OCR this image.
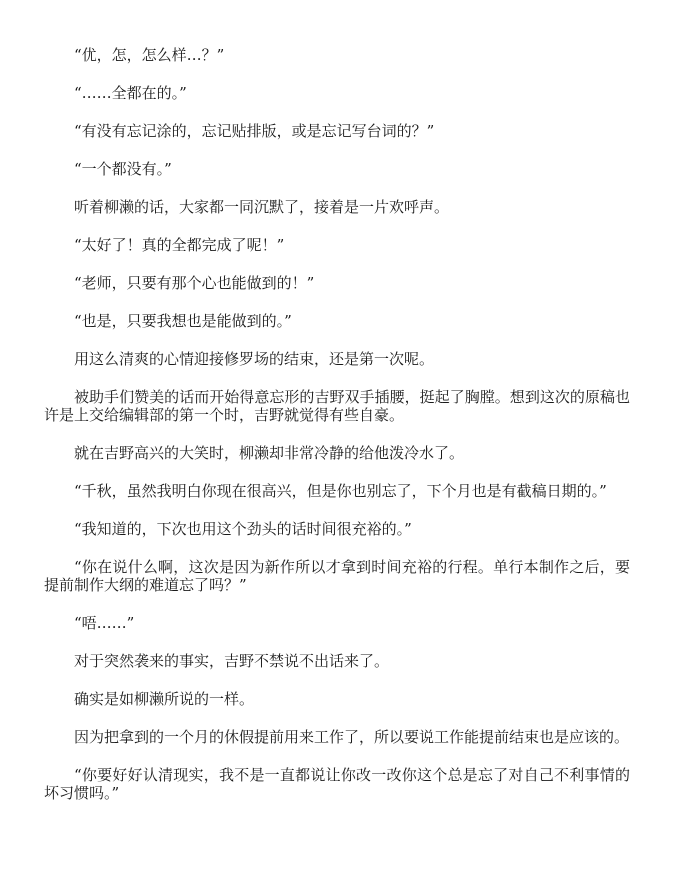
“优，怎，怎么样…？”

“……全都在的。”

“有没有忘记涂的，忘记贴排版，或是忘记写台词的？”

“一个都没有。”

听着柳濑的话，大家都一同沉默了，接着是一片欢呼声。

“太好了！真的全都完成了呢！”

“老师，只要有那个心也能做到的！”

“也是，只要我想也是能做到的。”

用这么清爽的心情迎接修罗场的结束，还是第一次呢。

被助手们赞美的话而开始得意忘形的吉野双手插腰，挺起了胸膛。想到这次的原稿也许是上交给编辑部的第一个时，吉野就觉得有些自豪。

就在吉野高兴的大笑时，柳濑却非常冷静的给他泼冷水了。

“千秋，虽然我明白你现在很高兴，但是你也别忘了，下个月也是有截稿日期的。”

“我知道的，下次也用这个劲头的话时间很充裕的。”

“你在说什么啊，这次是因为新作所以才拿到时间充裕的行程。单行本制作之后，要提前制作大纲的难道忘了吗？”

“唔……”

对于突然袭来的事实，吉野不禁说不出话来了。

确实是如柳濑所说的一样。

因为把拿到的一个月的休假提前用来工作了，所以要说工作能提前结束也是应该的。

“你要好好认清现实，我不是一直都说让你改一改你这个总是忘了对自己不利事情的坏习惯吗。”
